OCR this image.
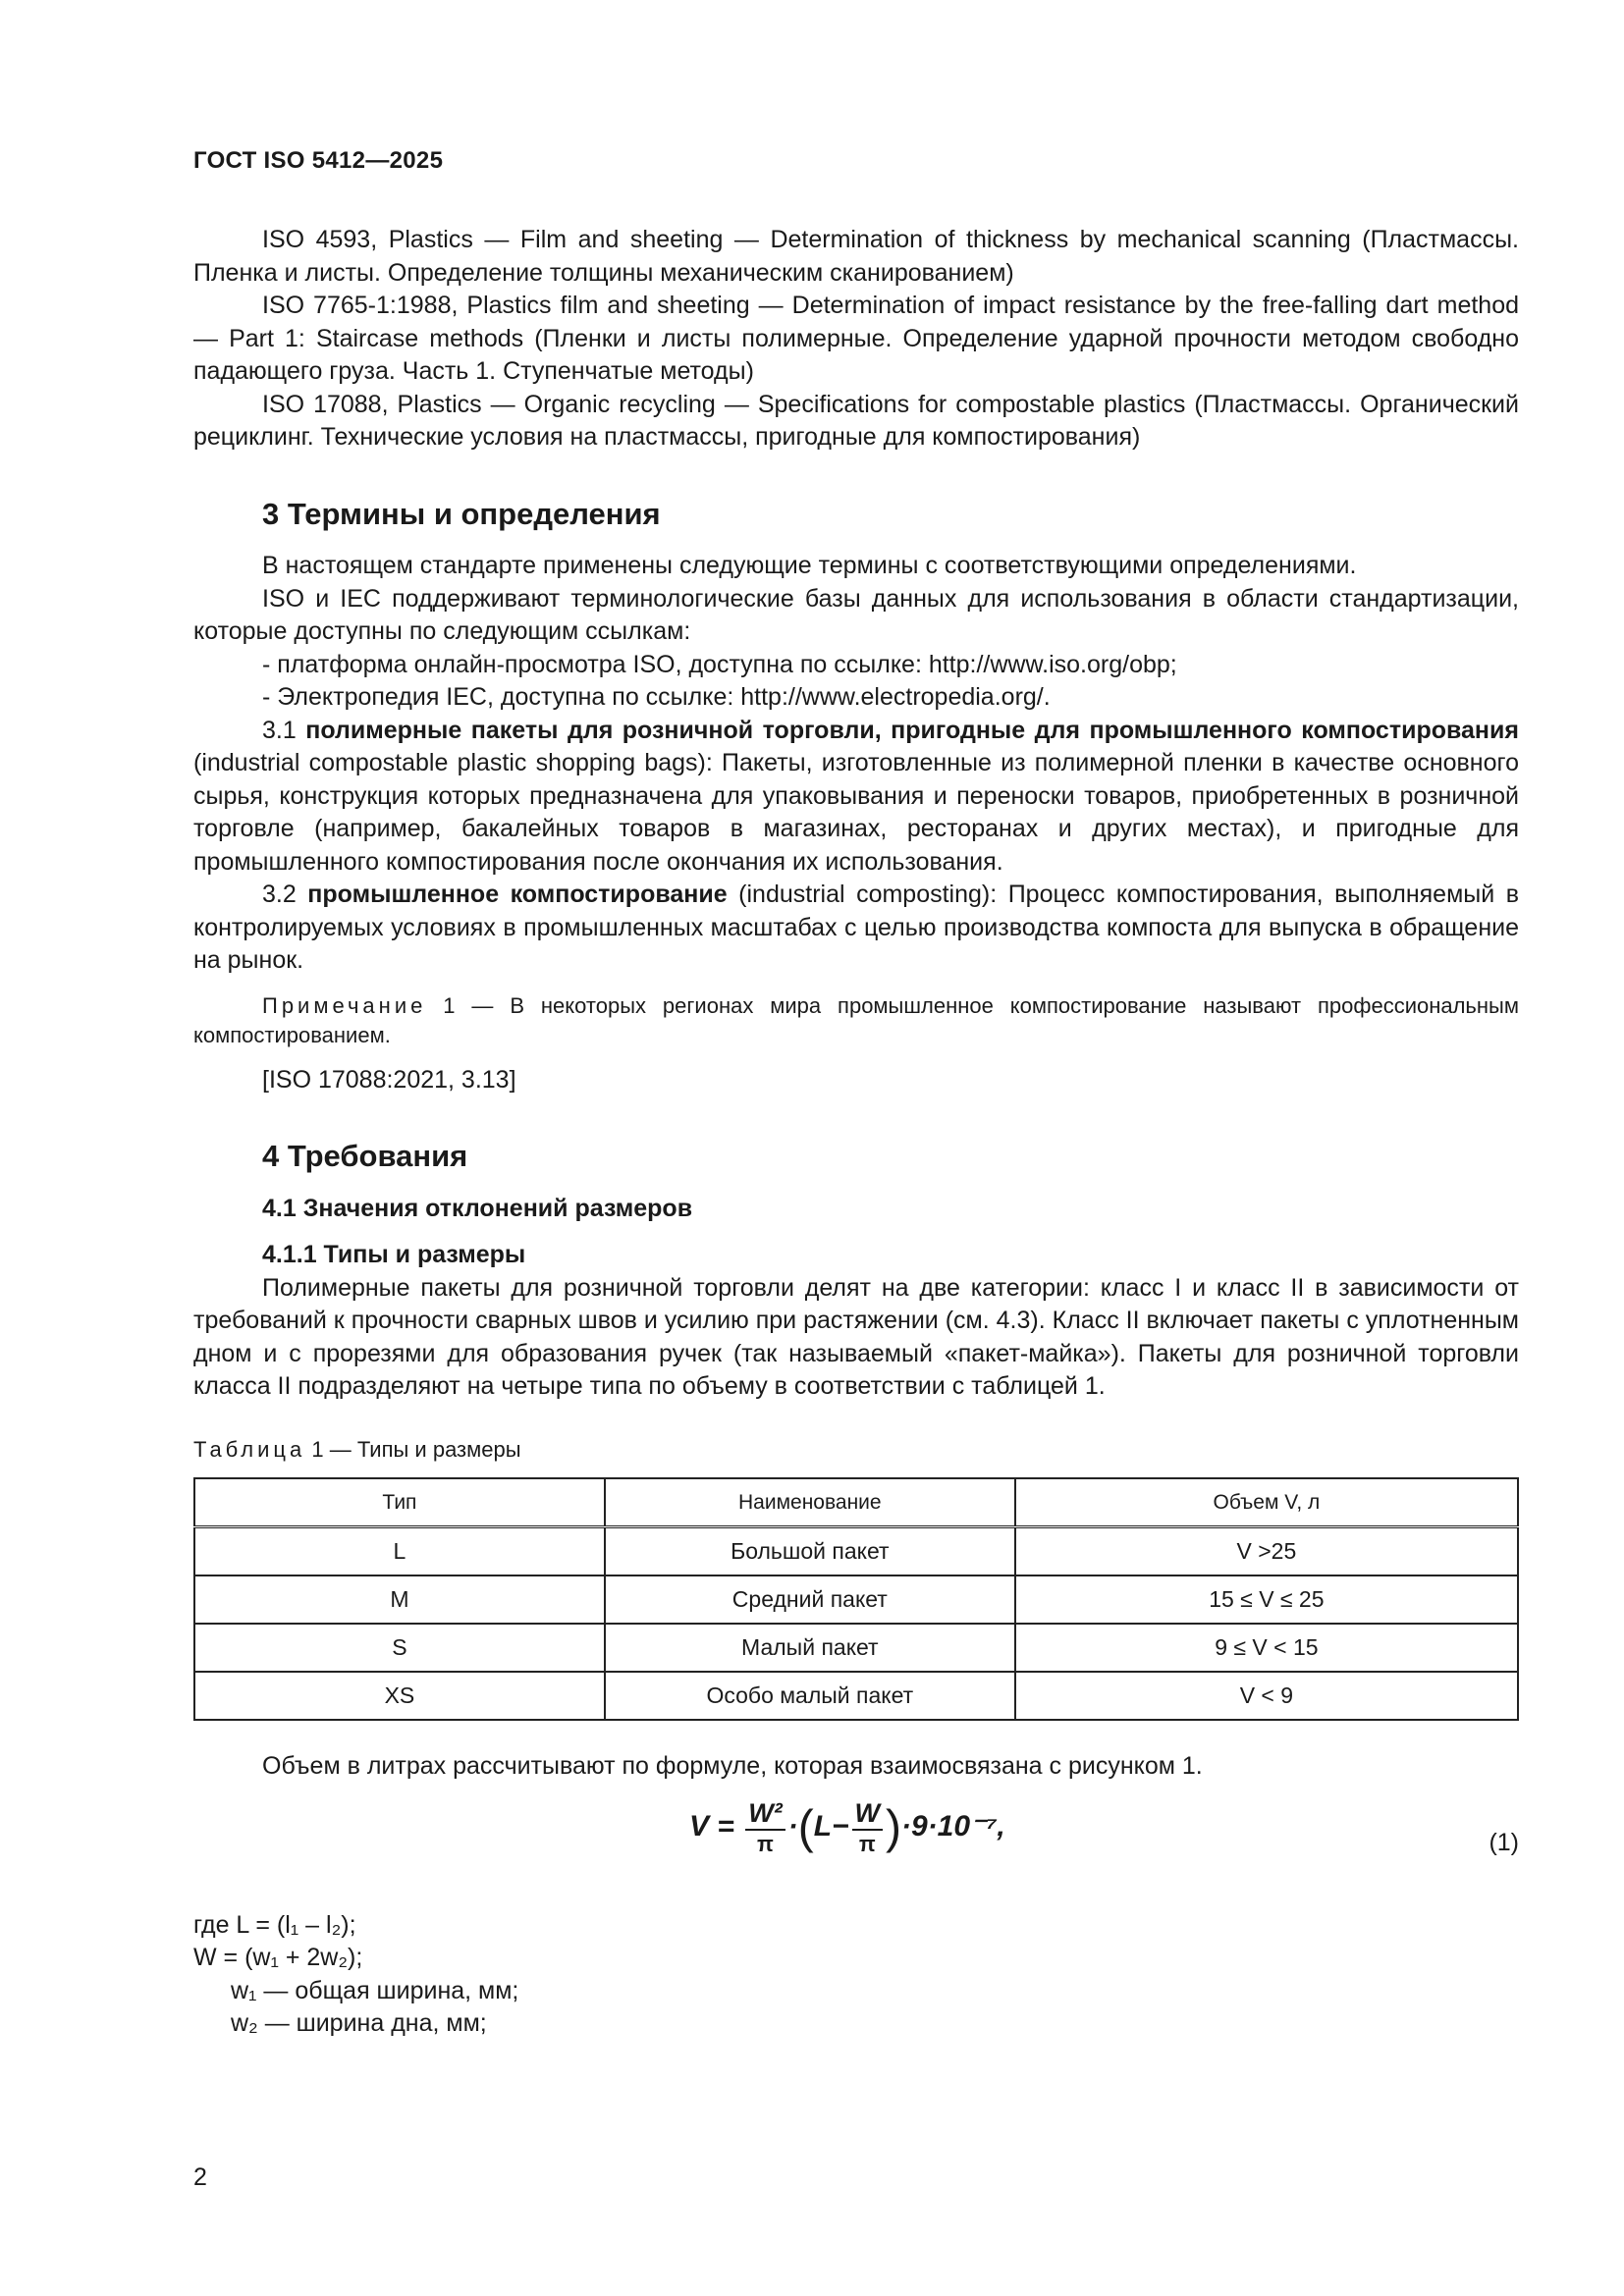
ГОСТ ISO 5412—2025

ISO 4593, Plastics — Film and sheeting — Determination of thickness by mechanical scanning (Пластмассы. Пленка и листы. Определение толщины механическим сканированием)

ISO 7765-1:1988, Plastics film and sheeting — Determination of impact resistance by the free-falling dart method — Part 1: Staircase methods (Пленки и листы полимерные. Определение ударной прочности методом свободно падающего груза. Часть 1. Ступенчатые методы)

ISO 17088, Plastics — Organic recycling — Specifications for compostable plastics (Пластмассы. Органический рециклинг. Технические условия на пластмассы, пригодные для компостирования)

3 Термины и определения

В настоящем стандарте применены следующие термины с соответствующими определениями.

ISO и IEC поддерживают терминологические базы данных для использования в области стандартизации, которые доступны по следующим ссылкам:

- платформа онлайн-просмотра ISO, доступна по ссылке: http://www.iso.org/obp;

- Электропедия IEC, доступна по ссылке: http://www.electropedia.org/.

3.1 полимерные пакеты для розничной торговли, пригодные для промышленного компостирования (industrial compostable plastic shopping bags): Пакеты, изготовленные из полимерной пленки в качестве основного сырья, конструкция которых предназначена для упаковывания и переноски товаров, приобретенных в розничной торговле (например, бакалейных товаров в магазинах, ресторанах и других местах), и пригодные для промышленного компостирования после окончания их использования.

3.2 промышленное компостирование (industrial composting): Процесс компостирования, выполняемый в контролируемых условиях в промышленных масштабах с целью производства компоста для выпуска в обращение на рынок.

Примечание 1 — В некоторых регионах мира промышленное компостирование называют профессиональным компостированием.

[ISO 17088:2021, 3.13]

4 Требования
4.1 Значения отклонений размеров
4.1.1 Типы и размеры

Полимерные пакеты для розничной торговли делят на две категории: класс I и класс II в зависимости от требований к прочности сварных швов и усилию при растяжении (см. 4.3). Класс II включает пакеты с уплотненным дном и с прорезями для образования ручек (так называемый «пакет-майка»). Пакеты для розничной торговли класса II подразделяют на четыре типа по объему в соответствии с таблицей 1.

Таблица 1 — Типы и размеры
Тип	Наименование	Объем V, л
L	Большой пакет	V >25
M	Средний пакет	15 ≤ V ≤ 25
S	Малый пакет	9 ≤ V < 15
XS	Особо малый пакет	V < 9

Объем в литрах рассчитывают по формуле, которая взаимосвязана с рисунком 1.

$V = \frac{\text{W²}}{\pi} \cdot(L- \frac{W}{\pi} )\cdot 9\cdot 10^{-7}$,
(1)
где L = (l₁ – l₂);
W = (w₁ + 2w₂);
w₁ — общая ширина, мм;
w₂ — ширина дна, мм;
2
